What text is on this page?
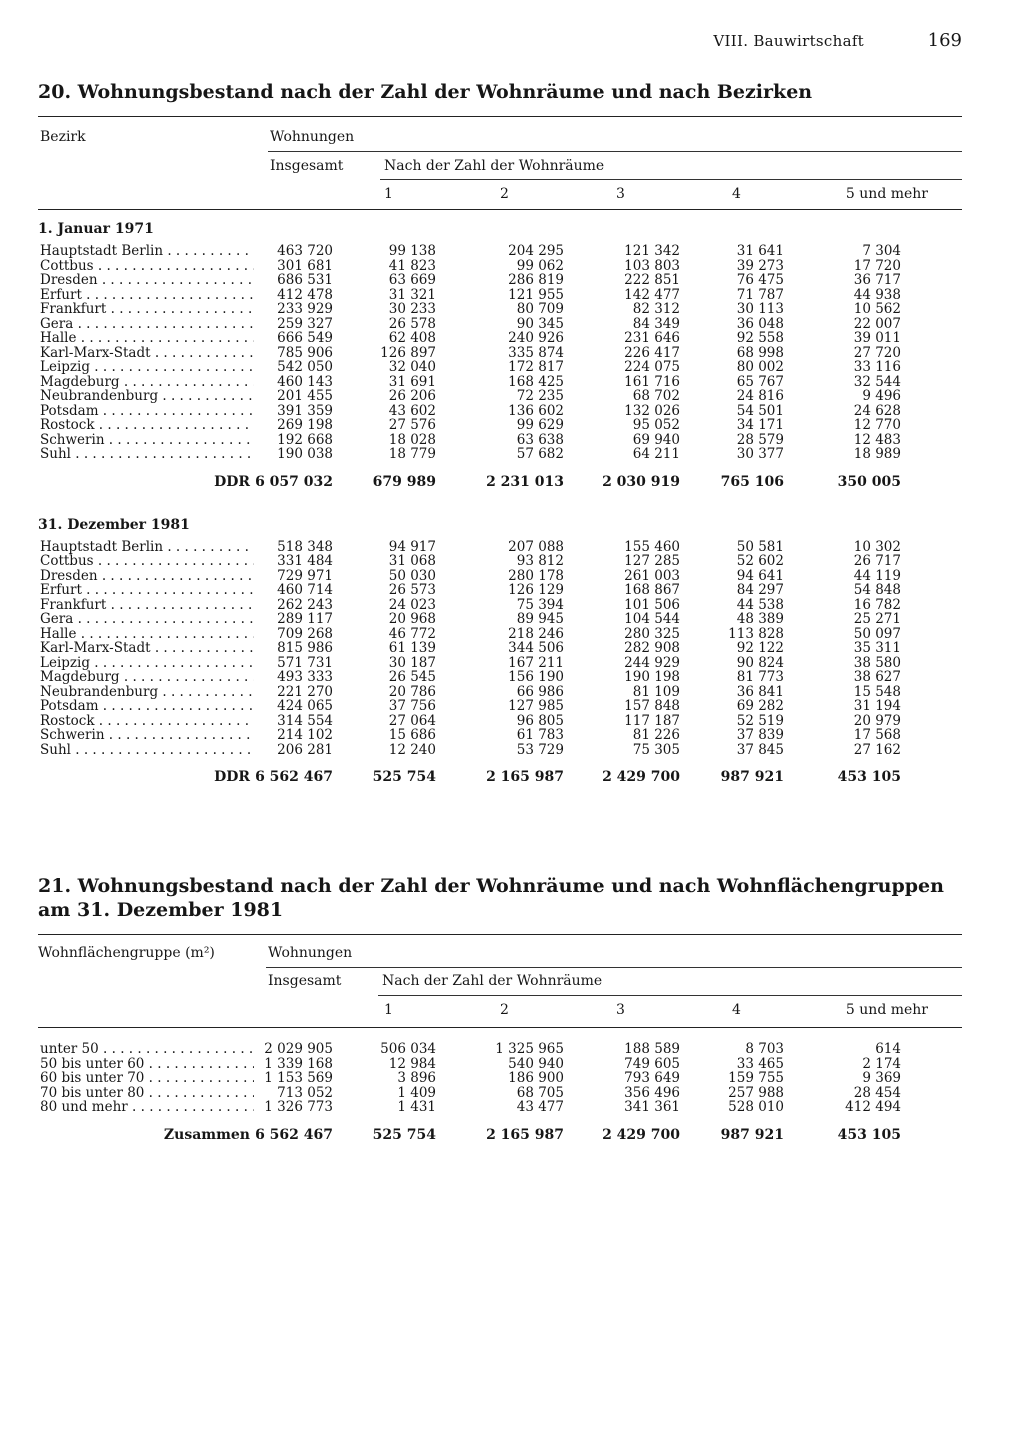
VIII. Bauwirtschaft	169
20. Wohnungsbestand nach der Zahl der Wohnräume und nach Bezirken
Bezirk	Wohnungen
Insgesamt	Nach der Zahl der Wohnräume
1	2	3	4	5 und mehr
1. Januar 1971
Hauptstadt Berlin . . .	463 720	99 138	204 295	121 342	31 641	7 304
Cottbus . . .	301 681	41 823	99 062	103 803	39 273	17 720
Dresden . . .	686 531	63 669	286 819	222 851	76 475	36 717
Erfurt . . .	412 478	31 321	121 955	142 477	71 787	44 938
Frankfurt . . .	233 929	30 233	80 709	82 312	30 113	10 562
Gera . . .	259 327	26 578	90 345	84 349	36 048	22 007
Halle . . .	666 549	62 408	240 926	231 646	92 558	39 011
Karl-Marx-Stadt . . .	785 906	126 897	335 874	226 417	68 998	27 720
Leipzig . . .	542 050	32 040	172 817	224 075	80 002	33 116
Magdeburg . . .	460 143	31 691	168 425	161 716	65 767	32 544
Neubrandenburg . . .	201 455	26 206	72 235	68 702	24 816	9 496
Potsdam . . .	391 359	43 602	136 602	132 026	54 501	24 628
Rostock . . .	269 198	27 576	99 629	95 052	34 171	12 770
Schwerin . . .	192 668	18 028	63 638	69 940	28 579	12 483
Suhl . . .	190 038	18 779	57 682	64 211	30 377	18 989
DDR 6 057 032	679 989	2 231 013	2 030 919	765 106	350 005
31. Dezember 1981
Hauptstadt Berlin . . .	518 348	94 917	207 088	155 460	50 581	10 302
Cottbus . . .	331 484	31 068	93 812	127 285	52 602	26 717
Dresden . . .	729 971	50 030	280 178	261 003	94 641	44 119
Erfurt . . .	460 714	26 573	126 129	168 867	84 297	54 848
Frankfurt . . .	262 243	24 023	75 394	101 506	44 538	16 782
Gera . . .	289 117	20 968	89 945	104 544	48 389	25 271
Halle . . .	709 268	46 772	218 246	280 325	113 828	50 097
Karl-Marx-Stadt . . .	815 986	61 139	344 506	282 908	92 122	35 311
Leipzig . . .	571 731	30 187	167 211	244 929	90 824	38 580
Magdeburg . . .	493 333	26 545	156 190	190 198	81 773	38 627
Neubrandenburg . . .	221 270	20 786	66 986	81 109	36 841	15 548
Potsdam . . .	424 065	37 756	127 985	157 848	69 282	31 194
Rostock . . .	314 554	27 064	96 805	117 187	52 519	20 979
Schwerin . . .	214 102	15 686	61 783	81 226	37 839	17 568
Suhl . . .	206 281	12 240	53 729	75 305	37 845	27 162
DDR 6 562 467	525 754	2 165 987	2 429 700	987 921	453 105
21. Wohnungsbestand nach der Zahl der Wohnräume und nach Wohnflächengruppen
am 31. Dezember 1981
Wohnflächengruppe (m²)	Wohnungen
Insgesamt	Nach der Zahl der Wohnräume
1	2	3	4	5 und mehr
unter 50 . . .	2 029 905	506 034	1 325 965	188 589	8 703	614
50 bis unter 60 . . .	1 339 168	12 984	540 940	749 605	33 465	2 174
60 bis unter 70 . . .	1 153 569	3 896	186 900	793 649	159 755	9 369
70 bis unter 80 . . .	713 052	1 409	68 705	356 496	257 988	28 454
80 und mehr . . .	1 326 773	1 431	43 477	341 361	528 010	412 494
Zusammen 6 562 467	525 754	2 165 987	2 429 700	987 921	453 105
